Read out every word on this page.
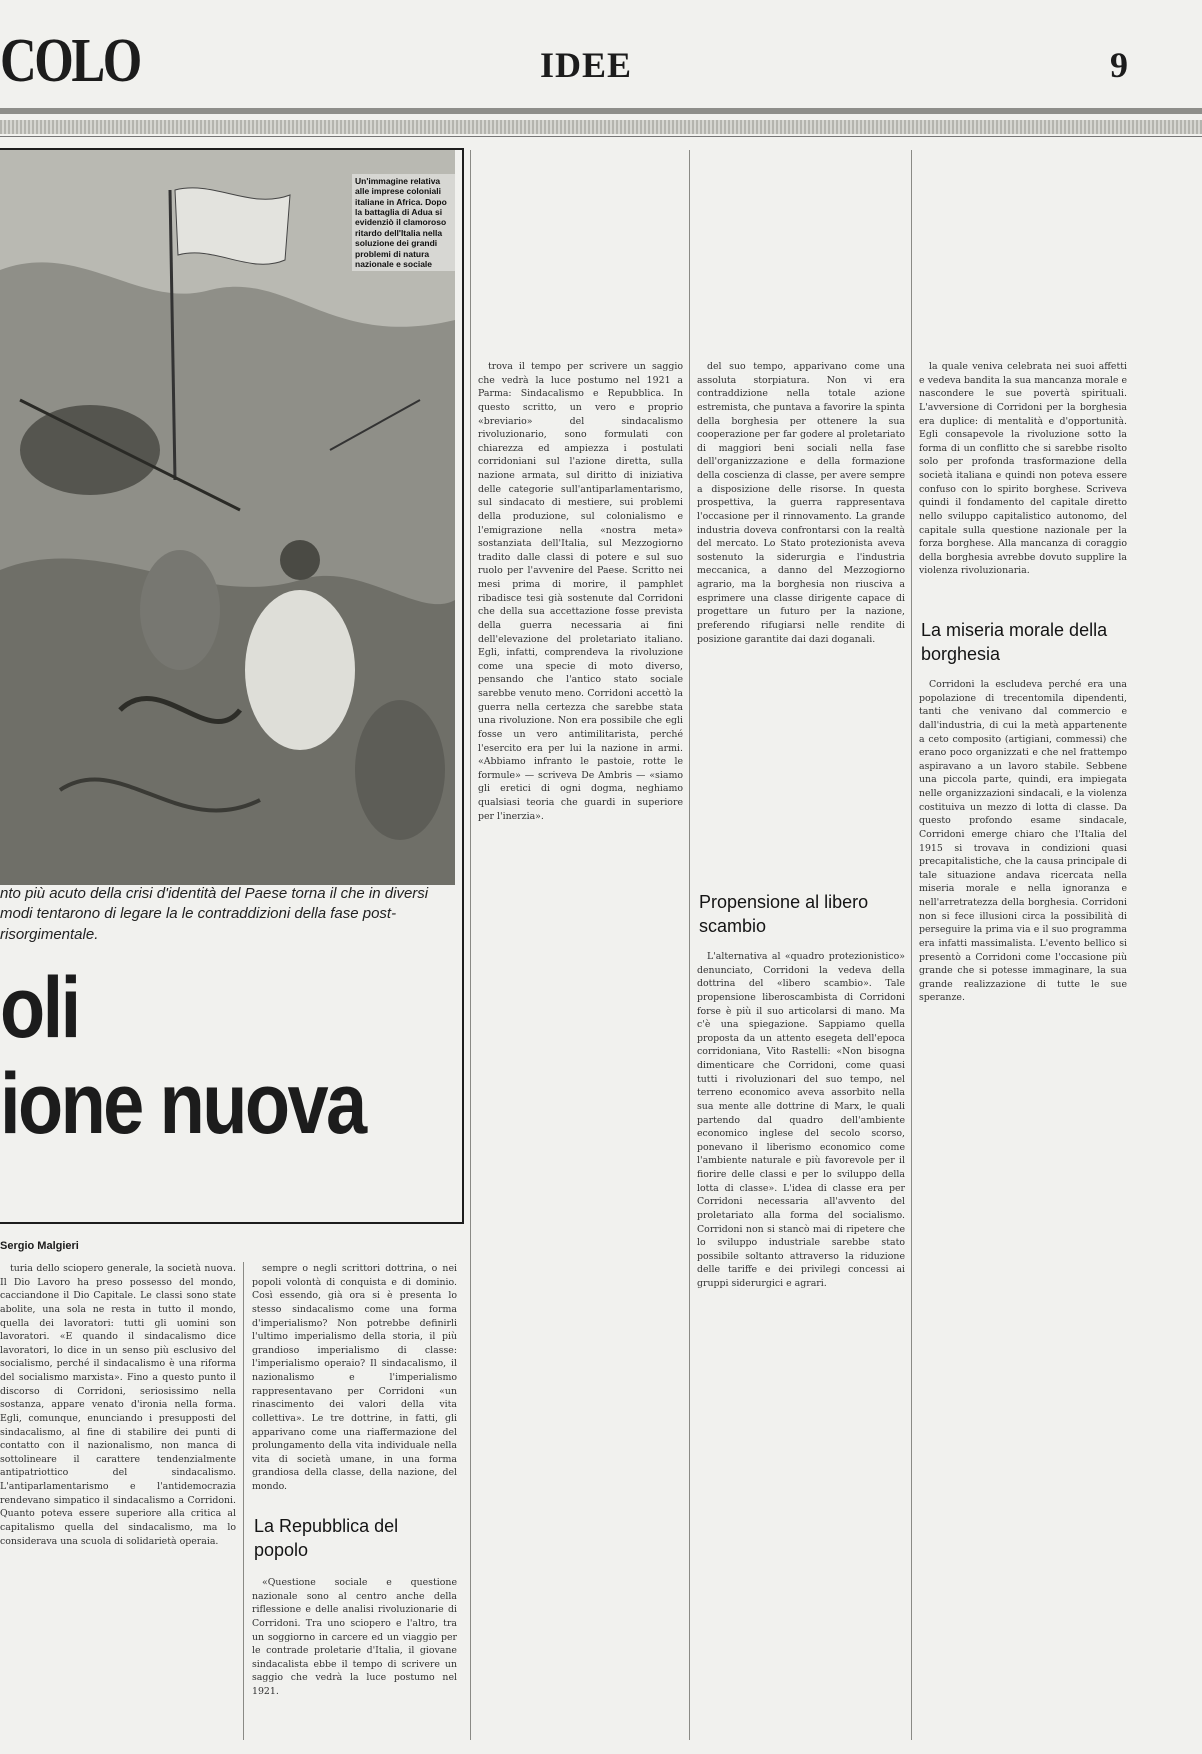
COLO	IDEE	9
Un'immagine relativa alle imprese coloniali italiane in Africa. Dopo la battaglia di Adua si evidenziò il clamoroso ritardo dell'Italia nella soluzione dei grandi problemi di natura nazionale e sociale
nto più acuto della crisi d'identità del Paese torna il che in diversi modi tentarono di legare la le contraddizioni della fase post-risorgimentale.
oli
ione nuova
Sergio Malgieri

turia dello sciopero generale, la società nuova. Il Dio Lavoro ha preso possesso del mondo, cacciandone il Dio Capitale. Le classi sono state abolite, una sola ne resta in tutto il mondo, quella dei lavoratori: tutti gli uomini son lavoratori. «E quando il sindacalismo dice lavoratori, lo dice in un senso più esclusivo del socialismo, perché il sindacalismo è una riforma del socialismo marxista». Fino a questo punto il discorso di Corridoni, seriosissimo nella sostanza, appare venato d'ironia nella forma. Egli, comunque, enunciando i presupposti del sindacalismo, al fine di stabilire dei punti di contatto con il nazionalismo, non manca di sottolineare il carattere tendenzialmente antipatriottico del sindacalismo. L'antiparlamentarismo e l'antidemocrazia rendevano simpatico il sindacalismo a Corridoni. Quanto poteva essere superiore alla critica al capitalismo quella del sindacalismo, ma lo considerava una scuola di solidarietà operaia.

sempre o negli scrittori dottrina, o nei popoli volontà di conquista e di dominio. Così essendo, già ora si è presenta lo stesso sindacalismo come una forma d'imperialismo? Non potrebbe definirli l'ultimo imperialismo della storia, il più grandioso imperialismo di classe: l'imperialismo operaio? Il sindacalismo, il nazionalismo e l'imperialismo rappresentavano per Corridoni «un rinascimento dei valori della vita collettiva». Le tre dottrine, in fatti, gli apparivano come una riaffermazione del prolungamento della vita individuale nella vita di società umane, in una forma grandiosa della classe, della nazione, del mondo.

La Repubblica del popolo

«Questione sociale e questione nazionale sono al centro anche della riflessione e delle analisi rivoluzionarie di Corridoni. Tra uno sciopero e l'altro, tra un soggiorno in carcere ed un viaggio per le contrade proletarie d'Italia, il giovane sindacalista ebbe il tempo di scrivere un saggio che vedrà la luce postumo nel 1921.

trova il tempo per scrivere un saggio che vedrà la luce postumo nel 1921 a Parma: Sindacalismo e Repubblica. In questo scritto, un vero e proprio «breviario» del sindacalismo rivoluzionario, sono formulati con chiarezza ed ampiezza i postulati corridoniani sul l'azione diretta, sulla nazione armata, sul diritto di iniziativa delle categorie sull'antiparlamentarismo, sul sindacato di mestiere, sui problemi della produzione, sul colonialismo e l'emigrazione nella «nostra meta» sostanziata dell'Italia, sul Mezzogiorno tradito dalle classi di potere e sul suo ruolo per l'avvenire del Paese. Scritto nei mesi prima di morire, il pamphlet ribadisce tesi già sostenute dal Corridoni che della sua accettazione fosse prevista della guerra necessaria ai fini dell'elevazione del proletariato italiano. Egli, infatti, comprendeva la rivoluzione come una specie di moto diverso, pensando che l'antico stato sociale sarebbe venuto meno. Corridoni accettò la guerra nella certezza che sarebbe stata una rivoluzione. Non era possibile che egli fosse un vero antimilitarista, perché l'esercito era per lui la nazione in armi. «Abbiamo infranto le pastoie, rotte le formule» — scriveva De Ambris — «siamo gli eretici di ogni dogma, neghiamo qualsiasi teoria che guardi in superiore per l'inerzia».

del suo tempo, apparivano come una assoluta storpiatura. Non vi era contraddizione nella totale azione estremista, che puntava a favorire la spinta della borghesia per ottenere la sua cooperazione per far godere al proletariato di maggiori beni sociali nella fase dell'organizzazione e della formazione della coscienza di classe, per avere sempre a disposizione delle risorse. In questa prospettiva, la guerra rappresentava l'occasione per il rinnovamento. La grande industria doveva confrontarsi con la realtà del mercato. Lo Stato protezionista aveva sostenuto la siderurgia e l'industria meccanica, a danno del Mezzogiorno agrario, ma la borghesia non riusciva a esprimere una classe dirigente capace di progettare un futuro per la nazione, preferendo rifugiarsi nelle rendite di posizione garantite dai dazi doganali.

Propensione al libero scambio

L'alternativa al «quadro protezionistico» denunciato, Corridoni la vedeva della dottrina del «libero scambio». Tale propensione liberoscambista di Corridoni forse è più il suo articolarsi di mano. Ma c'è una spiegazione. Sappiamo quella proposta da un attento esegeta dell'epoca corridoniana, Vito Rastelli: «Non bisogna dimenticare che Corridoni, come quasi tutti i rivoluzionari del suo tempo, nel terreno economico aveva assorbito nella sua mente alle dottrine di Marx, le quali partendo dal quadro dell'ambiente economico inglese del secolo scorso, ponevano il liberismo economico come l'ambiente naturale e più favorevole per il fiorire delle classi e per lo sviluppo della lotta di classe». L'idea di classe era per Corridoni necessaria all'avvento del proletariato alla forma del socialismo. Corridoni non si stancò mai di ripetere che lo sviluppo industriale sarebbe stato possibile soltanto attraverso la riduzione delle tariffe e dei privilegi concessi ai gruppi siderurgici e agrari.

la quale veniva celebrata nei suoi affetti e vedeva bandita la sua mancanza morale e nascondere le sue povertà spirituali. L'avversione di Corridoni per la borghesia era duplice: di mentalità e d'opportunità. Egli consapevole la rivoluzione sotto la forma di un conflitto che si sarebbe risolto solo per profonda trasformazione della società italiana e quindi non poteva essere confuso con lo spirito borghese. Scriveva quindi il fondamento del capitale diretto nello sviluppo capitalistico autonomo, del capitale sulla questione nazionale per la forza borghese. Alla mancanza di coraggio della borghesia avrebbe dovuto supplire la violenza rivoluzionaria.

La miseria morale della borghesia

Corridoni la escludeva perché era una popolazione di trecentomila dipendenti, tanti che venivano dal commercio e dall'industria, di cui la metà appartenente a ceto composito (artigiani, commessi) che erano poco organizzati e che nel frattempo aspiravano a un lavoro stabile. Sebbene una piccola parte, quindi, era impiegata nelle organizzazioni sindacali, e la violenza costituiva un mezzo di lotta di classe. Da questo profondo esame sindacale, Corridoni emerge chiaro che l'Italia del 1915 si trovava in condizioni quasi precapitalistiche, che la causa principale di tale situazione andava ricercata nella miseria morale e nella ignoranza e nell'arretratezza della borghesia. Corridoni non si fece illusioni circa la possibilità di perseguire la prima via e il suo programma era infatti massimalista. L'evento bellico si presentò a Corridoni come l'occasione più grande che si potesse immaginare, la sua grande realizzazione di tutte le sue speranze.
